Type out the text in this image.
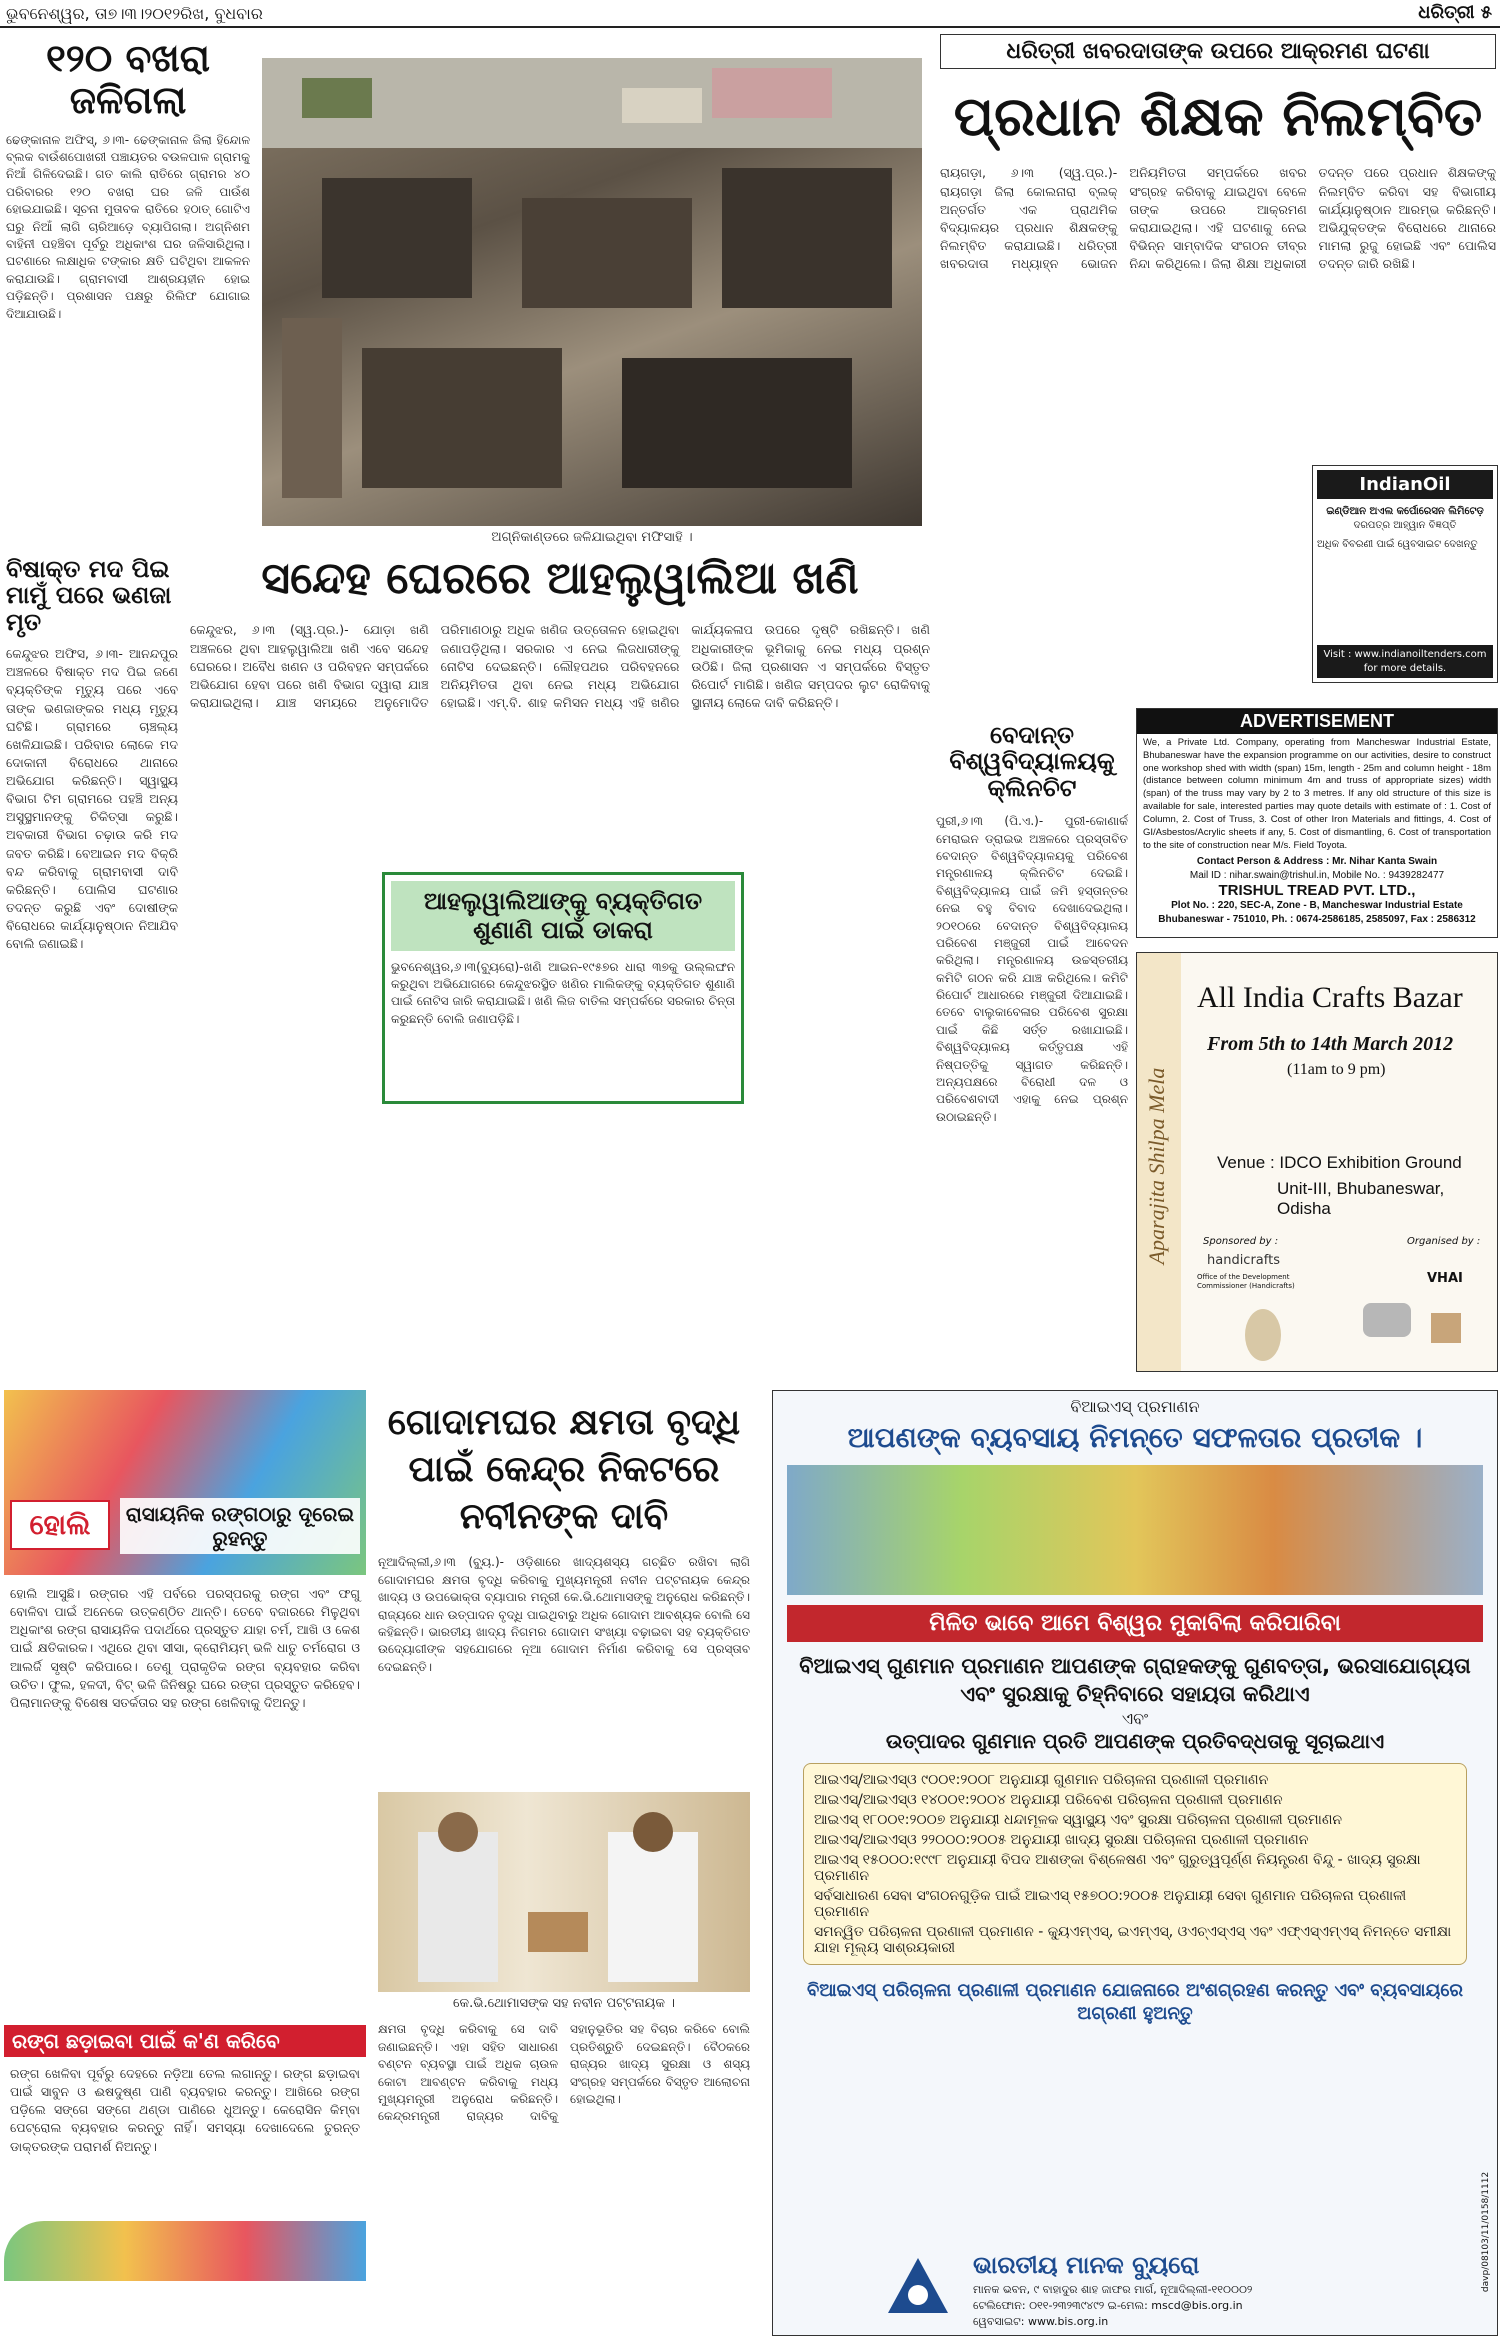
ଭୁବନେଶ୍ୱର, ତା୭।୩।୨୦୧୨ରିଖ, ବୁଧବାର	ଧରିତ୍ରୀ ୫
୧୨୦ ବଖରା ଜଳିଗଲା
ଢେଙ୍କାନାଳ ଅଫିସ୍, ୬।୩- ଢେଙ୍କାନାଳ ଜିଲା ହିନ୍ଦୋଳ ବ୍ଲକ ବାଉଁଶପୋଖରୀ ପଞ୍ଚାୟତର ବଉଳପାଳ ଗ୍ରାମକୁ ନିଆଁ ଗିଳିଦେଇଛି। ଗତ କାଲି ରାତିରେ ଗ୍ରାମର ୪୦ ପରିବାରର ୧୨୦ ବଖରା ଘର ଜଳି ପାଉଁଶ ହୋଇଯାଇଛି। ସୂଚନା ମୁତାବକ ରାତିରେ ହଠାତ୍ ଗୋଟିଏ ଘରୁ ନିଆଁ ଲାଗି ଚାରିଆଡ଼େ ବ୍ୟାପିଗଲା। ଅଗ୍ନିଶମ ବାହିନୀ ପହଞ୍ଚିବା ପୂର୍ବରୁ ଅଧିକାଂଶ ଘର ଜଳିସାରିଥିଲା। ଘଟଣାରେ ଲକ୍ଷାଧିକ ଟଙ୍କାର କ୍ଷତି ଘଟିଥିବା ଆକଳନ କରାଯାଉଛି। ଗ୍ରାମବାସୀ ଆଶ୍ରୟହୀନ ହୋଇ ପଡ଼ିଛନ୍ତି। ପ୍ରଶାସନ ପକ୍ଷରୁ ରିଲିଫ ଯୋଗାଇ ଦିଆଯାଉଛି।
ଅଗ୍ନିକାଣ୍ଡରେ ଜଳିଯାଇଥିବା ମଫିସାହି ।
ଧରିତ୍ରୀ ଖବରଦାତାଙ୍କ ଉପରେ ଆକ୍ରମଣ ଘଟଣା
ପ୍ରଧାନ ଶିକ୍ଷକ ନିଲମ୍ବିତ
ରାୟଗଡ଼ା, ୬।୩ (ସ୍ୱ.ପ୍ର.)- ରାୟଗଡ଼ା ଜିଲା କୋଲନାରା ବ୍ଲକ୍ ଅନ୍ତର୍ଗତ ଏକ ପ୍ରାଥମିକ ବିଦ୍ୟାଳୟର ପ୍ରଧାନ ଶିକ୍ଷକଙ୍କୁ ନିଲମ୍ବିତ କରାଯାଇଛି। ଧରିତ୍ରୀ ଖବରଦାତା ମଧ୍ୟାହ୍ନ ଭୋଜନ ଅନିୟମିତତା ସମ୍ପର୍କରେ ଖବର ସଂଗ୍ରହ କରିବାକୁ ଯାଇଥିବା ବେଳେ ତାଙ୍କ ଉପରେ ଆକ୍ରମଣ କରାଯାଇଥିଲା। ଏହି ଘଟଣାକୁ ନେଇ ବିଭିନ୍ନ ସାମ୍ବାଦିକ ସଂଗଠନ ତୀବ୍ର ନିନ୍ଦା କରିଥିଲେ। ଜିଲା ଶିକ୍ଷା ଅଧିକାରୀ ତଦନ୍ତ ପରେ ପ୍ରଧାନ ଶିକ୍ଷକଙ୍କୁ ନିଲମ୍ବିତ କରିବା ସହ ବିଭାଗୀୟ କାର୍ଯ୍ୟାନୁଷ୍ଠାନ ଆରମ୍ଭ କରିଛନ୍ତି। ଅଭିଯୁକ୍ତଙ୍କ ବିରୋଧରେ ଥାନାରେ ମାମଲା ରୁଜୁ ହୋଇଛି ଏବଂ ପୋଲିସ ତଦନ୍ତ ଜାରି ରଖିଛି।
IndianOil
ଇଣ୍ଡିଆନ ଅଏଲ କର୍ପୋରେସନ ଲିମିଟେଡ଼
ଦରପତ୍ର ଆହ୍ୱାନ ବିଜ୍ଞପ୍ତି
ଅଧିକ ବିବରଣୀ ପାଇଁ ୱେବସାଇଟ ଦେଖନ୍ତୁ
Visit : www.indianoiltenders.com
for more details.
ADVERTISEMENT
We, a Private Ltd. Company, operating from Mancheswar Industrial Estate, Bhubaneswar have the expansion programme on our activities, desire to construct one workshop shed with width (span) 15m, length - 25m and column height - 18m (distance between column minimum 4m and truss of appropriate sizes) width (span) of the truss may vary by 2 to 3 metres. If any old structure of this size is available for sale, interested parties may quote details with estimate of : 1. Cost of Column, 2. Cost of Truss, 3. Cost of other Iron Materials and fittings, 4. Cost of GI/Asbestos/Acrylic sheets if any, 5. Cost of dismantling, 6. Cost of transportation to the site of construction near M/s. Field Toyota.
Contact Person & Address : Mr. Nihar Kanta Swain
Mail ID : nihar.swain@trishul.in, Mobile No. : 9439282477
TRISHUL TREAD PVT. LTD.,
Plot No. : 220, SEC-A, Zone - B, Mancheswar Industrial Estate
Bhubaneswar - 751010, Ph. : 0674-2586185, 2585097, Fax : 2586312
Aparajita Shilpa Mela
All India Crafts Bazar
From 5th to 14th March 2012
(11am to 9 pm)
Venue : IDCO Exhibition Ground
Unit-III, Bhubaneswar, Odisha
Sponsored by :	Organised by :
handicrafts
Office of the Development Commissioner (Handicrafts)
VHAI
ବିଷାକ୍ତ ମଦ ପିଇ ମାମୁଁ ପରେ ଭଣଜା ମୃତ
କେନ୍ଦୁଝର ଅଫିସ, ୬।୩- ଆନନ୍ଦପୁର ଅଞ୍ଚଳରେ ବିଷାକ୍ତ ମଦ ପିଇ ଜଣେ ବ୍ୟକ୍ତିଙ୍କ ମୃତ୍ୟୁ ପରେ ଏବେ ତାଙ୍କ ଭଣଜାଙ୍କର ମଧ୍ୟ ମୃତ୍ୟୁ ଘଟିଛି। ଗ୍ରାମରେ ଚାଞ୍ଚଲ୍ୟ ଖେଳିଯାଇଛି। ପରିବାର ଲୋକେ ମଦ ଦୋକାନୀ ବିରୋଧରେ ଥାନାରେ ଅଭିଯୋଗ କରିଛନ୍ତି। ସ୍ୱାସ୍ଥ୍ୟ ବିଭାଗ ଟିମ ଗ୍ରାମରେ ପହଞ୍ଚି ଅନ୍ୟ ଅସୁସ୍ଥମାନଙ୍କୁ ଚିକିତ୍ସା କରୁଛି। ଅବକାରୀ ବିଭାଗ ଚଢ଼ାଉ କରି ମଦ ଜବତ କରିଛି। ବେଆଇନ ମଦ ବିକ୍ରି ବନ୍ଦ କରିବାକୁ ଗ୍ରାମବାସୀ ଦାବି କରିଛନ୍ତି। ପୋଲିସ ଘଟଣାର ତଦନ୍ତ କରୁଛି ଏବଂ ଦୋଷୀଙ୍କ ବିରୋଧରେ କାର୍ଯ୍ୟାନୁଷ୍ଠାନ ନିଆଯିବ ବୋଲି ଜଣାଇଛି।
ସନ୍ଦେହ ଘେରରେ ଆହଲୁୱାଲିଆ ଖଣି
କେନ୍ଦୁଝର, ୬।୩ (ସ୍ୱ.ପ୍ର.)- ଯୋଡ଼ା ଖଣି ଅଞ୍ଚଳରେ ଥିବା ଆହଲୁୱାଲିଆ ଖଣି ଏବେ ସନ୍ଦେହ ଘେରରେ। ଅବୈଧ ଖଣନ ଓ ପରିବହନ ସମ୍ପର୍କରେ ଅଭିଯୋଗ ହେବା ପରେ ଖଣି ବିଭାଗ ଦ୍ୱାରା ଯାଞ୍ଚ କରାଯାଇଥିଲା। ଯାଞ୍ଚ ସମୟରେ ଅନୁମୋଦିତ ପରିମାଣଠାରୁ ଅଧିକ ଖଣିଜ ଉତ୍ତୋଳନ ହୋଇଥିବା ଜଣାପଡ଼ିଥିଲା। ସରକାର ଏ ନେଇ ଲିଜଧାରୀଙ୍କୁ ନୋଟିସ ଦେଇଛନ୍ତି। ଲୌହପଥର ପରିବହନରେ ଅନିୟମିତତା ଥିବା ନେଇ ମଧ୍ୟ ଅଭିଯୋଗ ହୋଇଛି। ଏମ୍.ବି. ଶାହ କମିସନ ମଧ୍ୟ ଏହି ଖଣିର କାର୍ଯ୍ୟକଳାପ ଉପରେ ଦୃଷ୍ଟି ରଖିଛନ୍ତି। ଖଣି ଅଧିକାରୀଙ୍କ ଭୂମିକାକୁ ନେଇ ମଧ୍ୟ ପ୍ରଶ୍ନ ଉଠିଛି। ଜିଲା ପ୍ରଶାସନ ଏ ସମ୍ପର୍କରେ ବିସ୍ତୃତ ରିପୋର୍ଟ ମାଗିଛି। ଖଣିଜ ସମ୍ପଦର ଲୁଟ ରୋକିବାକୁ ସ୍ଥାନୀୟ ଲୋକେ ଦାବି କରିଛନ୍ତି।
ଆହଲୁୱାଲିଆଙ୍କୁ ବ୍ୟକ୍ତିଗତ ଶୁଣାଣି ପାଇଁ ଡାକରା
ଭୁବନେଶ୍ୱର,୬।୩(ବ୍ୟୁରୋ)-ଖଣି ଆଇନ-୧୯୫୭ର ଧାରା ୩୭କୁ ଉଲ୍ଲଙ୍ଘନ କରୁଥିବା ଅଭିଯୋଗରେ କେନ୍ଦୁଝରସ୍ଥିତ ଖଣିର ମାଲିକଙ୍କୁ ବ୍ୟକ୍ତିଗତ ଶୁଣାଣି ପାଇଁ ନୋଟିସ ଜାରି କରାଯାଇଛି। ଖଣି ଲିଜ ବାତିଲ ସମ୍ପର୍କରେ ସରକାର ଚିନ୍ତା କରୁଛନ୍ତି ବୋଲି ଜଣାପଡ଼ିଛି।
ବେଦାନ୍ତ ବିଶ୍ୱବିଦ୍ୟାଳୟକୁ କ୍ଲିନଚିଟ
ପୁରୀ,୬।୩ (ପି.ଏ.)- ପୁରୀ-କୋଣାର୍କ ମେରାଇନ ଡ୍ରାଇଭ ଅଞ୍ଚଳରେ ପ୍ରସ୍ତାବିତ ବେଦାନ୍ତ ବିଶ୍ୱବିଦ୍ୟାଳୟକୁ ପରିବେଶ ମନ୍ତ୍ରଣାଳୟ କ୍ଲିନଚିଟ ଦେଇଛି। ବିଶ୍ୱବିଦ୍ୟାଳୟ ପାଇଁ ଜମି ହସ୍ତାନ୍ତର ନେଇ ବହୁ ବିବାଦ ଦେଖାଦେଇଥିଲା। ୨୦୧୦ରେ ବେଦାନ୍ତ ବିଶ୍ୱବିଦ୍ୟାଳୟ ପରିବେଶ ମଞ୍ଜୁରୀ ପାଇଁ ଆବେଦନ କରିଥିଲା। ମନ୍ତ୍ରଣାଳୟ ଉଚ୍ଚସ୍ତରୀୟ କମିଟି ଗଠନ କରି ଯାଞ୍ଚ କରିଥିଲେ। କମିଟି ରିପୋର୍ଟ ଆଧାରରେ ମଞ୍ଜୁରୀ ଦିଆଯାଇଛି। ତେବେ ବାଲୁକାବେଳାର ପରିବେଶ ସୁରକ୍ଷା ପାଇଁ କିଛି ସର୍ତ୍ତ ରଖାଯାଇଛି। ବିଶ୍ୱବିଦ୍ୟାଳୟ କର୍ତ୍ତୃପକ୍ଷ ଏହି ନିଷ୍ପତ୍ତିକୁ ସ୍ୱାଗତ କରିଛନ୍ତି। ଅନ୍ୟପକ୍ଷରେ ବିରୋଧୀ ଦଳ ଓ ପରିବେଶବାଦୀ ଏହାକୁ ନେଇ ପ୍ରଶ୍ନ ଉଠାଇଛନ୍ତି।
ହୋଲି	ରାସାୟନିକ ରଙ୍ଗଠାରୁ ଦୂରେଇ ରୁହନ୍ତୁ
ହୋଲି ଆସୁଛି। ରଙ୍ଗର ଏହି ପର୍ବରେ ପରସ୍ପରକୁ ରଙ୍ଗ ଏବଂ ଫଗୁ ବୋଳିବା ପାଇଁ ଅନେକେ ଉତ୍କଣ୍ଠିତ ଥାନ୍ତି। ତେବେ ବଜାରରେ ମିଳୁଥିବା ଅଧିକାଂଶ ରଙ୍ଗ ରାସାୟନିକ ପଦାର୍ଥରେ ପ୍ରସ୍ତୁତ ଯାହା ଚର୍ମ, ଆଖି ଓ କେଶ ପାଇଁ କ୍ଷତିକାରକ। ଏଥିରେ ଥିବା ସୀସା, କ୍ରୋମିୟମ୍ ଭଳି ଧାତୁ ଚର୍ମରୋଗ ଓ ଆଲର୍ଜି ସୃଷ୍ଟି କରିପାରେ। ତେଣୁ ପ୍ରାକୃତିକ ରଙ୍ଗ ବ୍ୟବହାର କରିବା ଉଚିତ। ଫୁଲ, ହଳଦୀ, ବିଟ୍ ଭଳି ଜିନିଷରୁ ଘରେ ରଙ୍ଗ ପ୍ରସ୍ତୁତ କରିହେବ। ପିଲାମାନଙ୍କୁ ବିଶେଷ ସତର୍କତାର ସହ ରଙ୍ଗ ଖେଳିବାକୁ ଦିଅନ୍ତୁ।
ରଙ୍ଗ ଛଡ଼ାଇବା ପାଇଁ କ'ଣ କରିବେ
ରଙ୍ଗ ଖେଳିବା ପୂର୍ବରୁ ଦେହରେ ନଡ଼ିଆ ତେଲ ଲଗାନ୍ତୁ। ରଙ୍ଗ ଛଡ଼ାଇବା ପାଇଁ ସାବୁନ ଓ ଈଷଦୁଷ୍ଣ ପାଣି ବ୍ୟବହାର କରନ୍ତୁ। ଆଖିରେ ରଙ୍ଗ ପଡ଼ିଲେ ସଙ୍ଗେ ସଙ୍ଗେ ଥଣ୍ଡା ପାଣିରେ ଧୁଅନ୍ତୁ। କେରୋସିନ କିମ୍ବା ପେଟ୍ରୋଲ ବ୍ୟବହାର କରନ୍ତୁ ନାହିଁ। ସମସ୍ୟା ଦେଖାଦେଲେ ତୁରନ୍ତ ଡାକ୍ତରଙ୍କ ପରାମର୍ଶ ନିଅନ୍ତୁ।
ଗୋଦାମଘର କ୍ଷମତା ବୃଦ୍ଧି ପାଇଁ କେନ୍ଦ୍ର ନିକଟରେ ନବୀନଙ୍କ ଦାବି
ନୂଆଦିଲ୍ଲୀ,୬।୩ (ବ୍ୟୁ.)- ଓଡ଼ିଶାରେ ଖାଦ୍ୟଶସ୍ୟ ଗଚ୍ଛିତ ରଖିବା ଲାଗି ଗୋଦାମଘର କ୍ଷମତା ବୃଦ୍ଧି କରିବାକୁ ମୁଖ୍ୟମନ୍ତ୍ରୀ ନବୀନ ପଟ୍ଟନାୟକ କେନ୍ଦ୍ର ଖାଦ୍ୟ ଓ ଉପଭୋକ୍ତା ବ୍ୟାପାର ମନ୍ତ୍ରୀ କେ.ଭି.ଥୋମାସଙ୍କୁ ଅନୁରୋଧ କରିଛନ୍ତି। ରାଜ୍ୟରେ ଧାନ ଉତ୍ପାଦନ ବୃଦ୍ଧି ପାଇଥିବାରୁ ଅଧିକ ଗୋଦାମ ଆବଶ୍ୟକ ବୋଲି ସେ କହିଛନ୍ତି। ଭାରତୀୟ ଖାଦ୍ୟ ନିଗମର ଗୋଦାମ ସଂଖ୍ୟା ବଢ଼ାଇବା ସହ ବ୍ୟକ୍ତିଗତ ଉଦ୍ୟୋଗୀଙ୍କ ସହଯୋଗରେ ନୂଆ ଗୋଦାମ ନିର୍ମାଣ କରିବାକୁ ସେ ପ୍ରସ୍ତାବ ଦେଇଛନ୍ତି।
କେ.ଭି.ଥୋମାସଙ୍କ ସହ ନବୀନ ପଟ୍ଟନାୟକ ।
କ୍ଷମତା ବୃଦ୍ଧି କରିବାକୁ ସେ ଦାବି ଜଣାଇଛନ୍ତି। ଏହା ସହିତ ସାଧାରଣ ବଣ୍ଟନ ବ୍ୟବସ୍ଥା ପାଇଁ ଅଧିକ ଚାଉଳ କୋଟା ଆବଣ୍ଟନ କରିବାକୁ ମଧ୍ୟ ମୁଖ୍ୟମନ୍ତ୍ରୀ ଅନୁରୋଧ କରିଛନ୍ତି। କେନ୍ଦ୍ରମନ୍ତ୍ରୀ ରାଜ୍ୟର ଦାବିକୁ ସହାନୁଭୂତିର ସହ ବିଚାର କରିବେ ବୋଲି ପ୍ରତିଶ୍ରୁତି ଦେଇଛନ୍ତି। ବୈଠକରେ ରାଜ୍ୟର ଖାଦ୍ୟ ସୁରକ୍ଷା ଓ ଶସ୍ୟ ସଂଗ୍ରହ ସମ୍ପର୍କରେ ବିସ୍ତୃତ ଆଲୋଚନା ହୋଇଥିଲା।
ବିଆଇଏସ୍ ପ୍ରମାଣନ
ଆପଣଙ୍କ ବ୍ୟବସାୟ ନିମନ୍ତେ ସଫଳତାର ପ୍ରତୀକ ।
ମିଳିତ ଭାବେ ଆମେ ବିଶ୍ୱର ମୁକାବିଲା କରିପାରିବା
ବିଆଇଏସ୍ ଗୁଣମାନ ପ୍ରମାଣନ ଆପଣଙ୍କ ଗ୍ରାହକଙ୍କୁ ଗୁଣବତ୍ତା, ଭରସାଯୋଗ୍ୟତା ଏବଂ ସୁରକ୍ଷାକୁ ଚିହ୍ନିବାରେ ସହାୟତା କରିଥାଏ
ଏବଂ
ଉତ୍ପାଦର ଗୁଣମାନ ପ୍ରତି ଆପଣଙ୍କ ପ୍ରତିବଦ୍ଧତାକୁ ସୂଚାଇଥାଏ
ଆଇଏସ୍/ଆଇଏସ୍ଓ ୯୦୦୧:୨୦୦୮ ଅନୁଯାୟୀ ଗୁଣମାନ ପରିଚାଳନା ପ୍ରଣାଳୀ ପ୍ରମାଣନ
ଆଇଏସ୍/ଆଇଏସ୍ଓ ୧୪୦୦୧:୨୦୦୪ ଅନୁଯାୟୀ ପରିବେଶ ପରିଚାଳନା ପ୍ରଣାଳୀ ପ୍ରମାଣନ
ଆଇଏସ୍ ୧୮୦୦୧:୨୦୦୭ ଅନୁଯାୟୀ ଧନ୍ଦାମୂଳକ ସ୍ୱାସ୍ଥ୍ୟ ଏବଂ ସୁରକ୍ଷା ପରିଚାଳନା ପ୍ରଣାଳୀ ପ୍ରମାଣନ
ଆଇଏସ୍/ଆଇଏସ୍ଓ ୨୨୦୦୦:୨୦୦୫ ଅନୁଯାୟୀ ଖାଦ୍ୟ ସୁରକ୍ଷା ପରିଚାଳନା ପ୍ରଣାଳୀ ପ୍ରମାଣନ
ଆଇଏସ୍ ୧୫୦୦୦:୧୯୯୮ ଅନୁଯାୟୀ ବିପଦ ଆଶଙ୍କା ବିଶ୍ଳେଷଣ ଏବଂ ଗୁରୁତ୍ୱପୂର୍ଣ୍ଣ ନିୟନ୍ତ୍ରଣ ବିନ୍ଦୁ - ଖାଦ୍ୟ ସୁରକ୍ଷା ପ୍ରମାଣନ
ସର୍ବସାଧାରଣ ସେବା ସଂଗଠନଗୁଡ଼ିକ ପାଇଁ ଆଇଏସ୍ ୧୫୭୦୦:୨୦୦୫ ଅନୁଯାୟୀ ସେବା ଗୁଣମାନ ପରିଚାଳନା ପ୍ରଣାଳୀ ପ୍ରମାଣନ
ସମନ୍ୱିତ ପରିଚାଳନା ପ୍ରଣାଳୀ ପ୍ରମାଣନ - କ୍ୟୁଏମ୍ଏସ୍, ଇଏମ୍ଏସ୍, ଓଏଚ୍ଏସ୍ଏସ୍ ଏବଂ ଏଫ୍ଏସ୍ଏମ୍ଏସ୍ ନିମନ୍ତେ ସମୀକ୍ଷା ଯାହା ମୂଲ୍ୟ ସାଶ୍ରୟକାରୀ
ବିଆଇଏସ୍ ପରିଚାଳନା ପ୍ରଣାଳୀ ପ୍ରମାଣନ ଯୋଜନାରେ ଅଂଶଗ୍ରହଣ କରନ୍ତୁ ଏବଂ ବ୍ୟବସାୟରେ ଅଗ୍ରଣୀ ହୁଅନ୍ତୁ
ଭାରତୀୟ ମାନକ ବ୍ୟୁରୋ
ମାନକ ଭବନ, ୯ ବାହାଦୁର ଶାହ ଜାଫର ମାର୍ଗ, ନୂଆଦିଲ୍ଲୀ-୧୧୦୦୦୨
ଟେଲିଫୋନ: ୦୧୧-୨୩୨୩୯୪୯୨ ଇ-ମେଲ: mscd@bis.org.in
ୱେବସାଇଟ: www.bis.org.in
davp/08103/11/0158/1112
